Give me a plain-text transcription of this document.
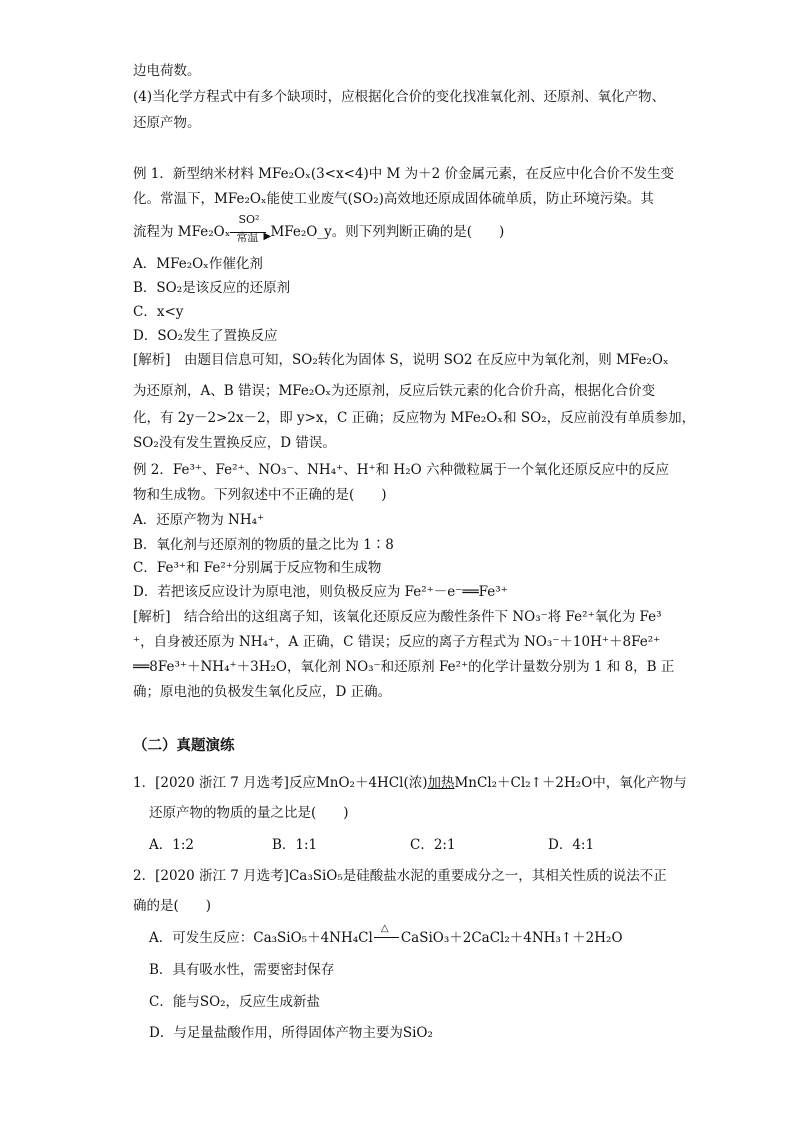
边电荷数。
(4)当化学方程式中有多个缺项时，应根据化合价的变化找准氧化剂、还原剂、氧化产物、
还原产物。
例 1．新型纳米材料 MFe₂Oₓ(3<x<4)中 M 为＋2 价金属元素，在反应中化合价不发生变
化。常温下，MFe₂Oₓ能使工业废气(SO₂)高效地还原成固体硫单质，防止环境污染。其
流程为 MFe₂Oₓ
SO²
常温 ▶ MFe₂O_y。则下列判断正确的是(　　)
A．MFe₂Oₓ作催化剂
B．SO₂是该反应的还原剂
C．x<y
D．SO₂发生了置换反应
[解析]　由题目信息可知，SO₂转化为固体 S，说明 SO2 在反应中为氧化剂，则 MFe₂Oₓ
为还原剂，A、B 错误；MFe₂Oₓ为还原剂，反应后铁元素的化合价升高，根据化合价变
化，有 2y－2>2x－2，即 y>x，C 正确；反应物为 MFe₂Oₓ和 SO₂，反应前没有单质参加，
SO₂没有发生置换反应，D 错误。
例 2．Fe³⁺、Fe²⁺、NO₃⁻、NH₄⁺、H⁺和 H₂O 六种微粒属于一个氧化还原反应中的反应
物和生成物。下列叙述中不正确的是(　　)
A．还原产物为 NH₄⁺
B．氧化剂与还原剂的物质的量之比为 1∶8
C．Fe³⁺和 Fe²⁺分别属于反应物和生成物
D．若把该反应设计为原电池，则负极反应为 Fe²⁺－e⁻══Fe³⁺
[解析]　结合给出的这组离子知，该氧化还原反应为酸性条件下 NO₃⁻将 Fe²⁺氧化为 Fe³
⁺，自身被还原为 NH₄⁺，A 正确，C 错误；反应的离子方程式为 NO₃⁻＋10H⁺＋8Fe²⁺
══8Fe³⁺＋NH₄⁺＋3H₂O，氧化剂 NO₃⁻和还原剂 Fe²⁺的化学计量数分别为 1 和 8，B 正
确；原电池的负极发生氧化反应，D 正确。
（二）真题演练
1．[2020 浙江 7 月选考]反应MnO₂＋4HCl(浓)加热MnCl₂＋Cl₂↑＋2H₂O中，氧化产物与
还原产物的物质的量之比是(　　)
A．1:2	B．1:1	C．2:1	D．4:1
2．[2020 浙江 7 月选考]Ca₃SiO₅是硅酸盐水泥的重要成分之一，其相关性质的说法不正
确的是(　　)
A．可发生反应：Ca₃SiO₅＋4NH₄Cl
△
CaSiO₃＋2CaCl₂＋4NH₃↑＋2H₂O
B．具有吸水性，需要密封保存
C．能与SO₂，反应生成新盐
D．与足量盐酸作用，所得固体产物主要为SiO₂
